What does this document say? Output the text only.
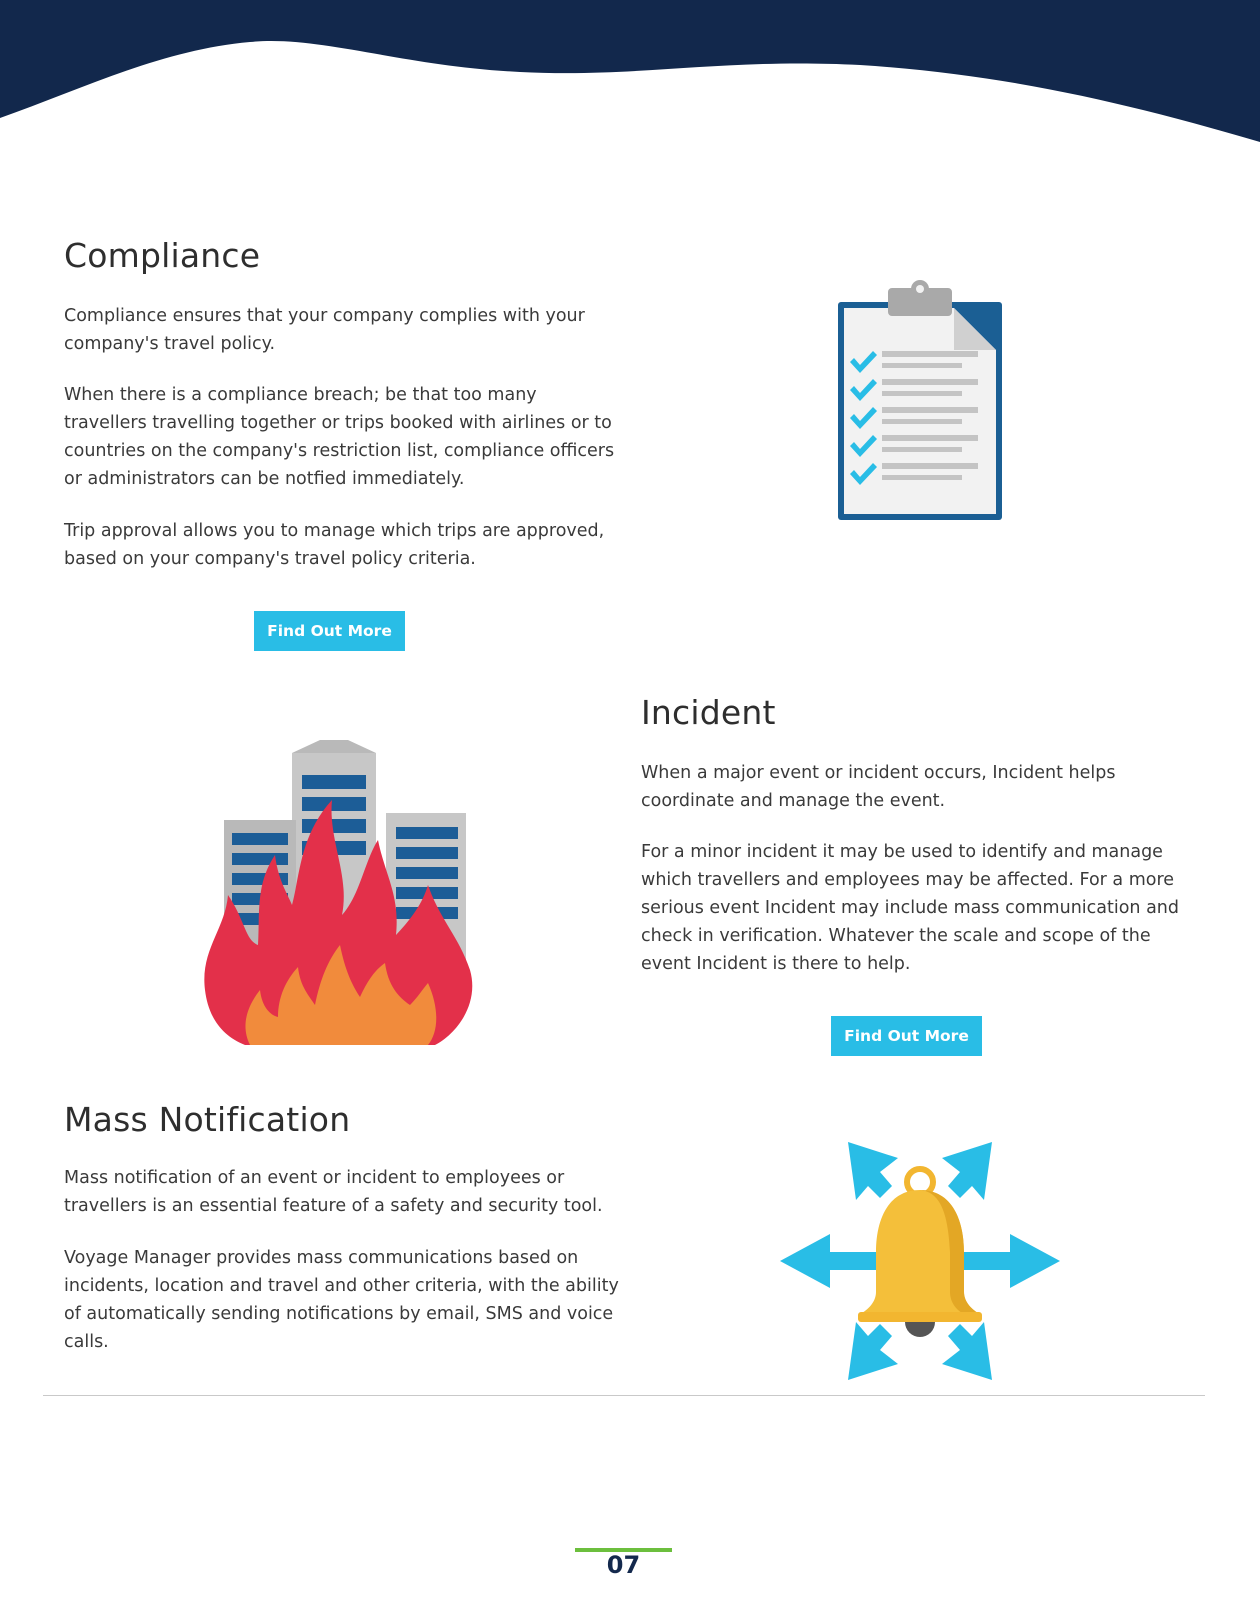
Compliance

Compliance ensures that your company complies with your company's travel policy.

When there is a compliance breach; be that too many travellers travelling together or trips booked with airlines or to countries on the company's restriction list, compliance officers or administrators can be notfied immediately.

Trip approval allows you to manage which trips are approved, based on your company's travel policy criteria.

Find Out More
Incident

When a major event or incident occurs, Incident helps coordinate and manage the event.

For a minor incident it may be used to identify and manage which travellers and employees may be affected. For a more serious event Incident may include mass communication and check in verification. Whatever the scale and scope of the event Incident is there to help.

Find Out More
Mass Notification

Mass notification of an event or incident to employees or travellers is an essential feature of a safety and security tool.

Voyage Manager provides mass communications based on incidents, location and travel and other criteria, with the ability of automatically sending notifications by email, SMS and voice calls.

07
